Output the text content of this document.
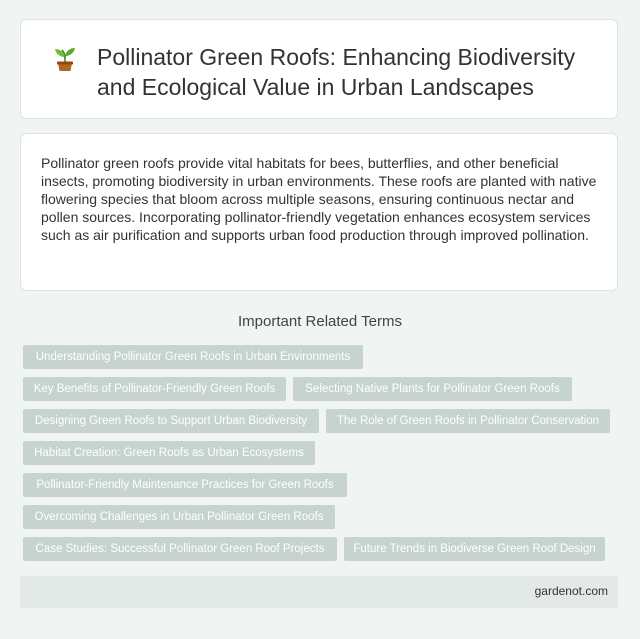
Pollinator Green Roofs: Enhancing Biodiversity and Ecological Value in Urban Landscapes
Pollinator green roofs provide vital habitats for bees, butterflies, and other beneficial insects, promoting biodiversity in urban environments. These roofs are planted with native flowering species that bloom across multiple seasons, ensuring continuous nectar and pollen sources. Incorporating pollinator-friendly vegetation enhances ecosystem services such as air purification and supports urban food production through improved pollination.
Important Related Terms
Understanding Pollinator Green Roofs in Urban Environments
Key Benefits of Pollinator-Friendly Green Roofs	Selecting Native Plants for Pollinator Green Roofs
Designing Green Roofs to Support Urban Biodiversity	The Role of Green Roofs in Pollinator Conservation
Habitat Creation: Green Roofs as Urban Ecosystems
Pollinator-Friendly Maintenance Practices for Green Roofs
Overcoming Challenges in Urban Pollinator Green Roofs
Case Studies: Successful Pollinator Green Roof Projects	Future Trends in Biodiverse Green Roof Design
gardenot.com
